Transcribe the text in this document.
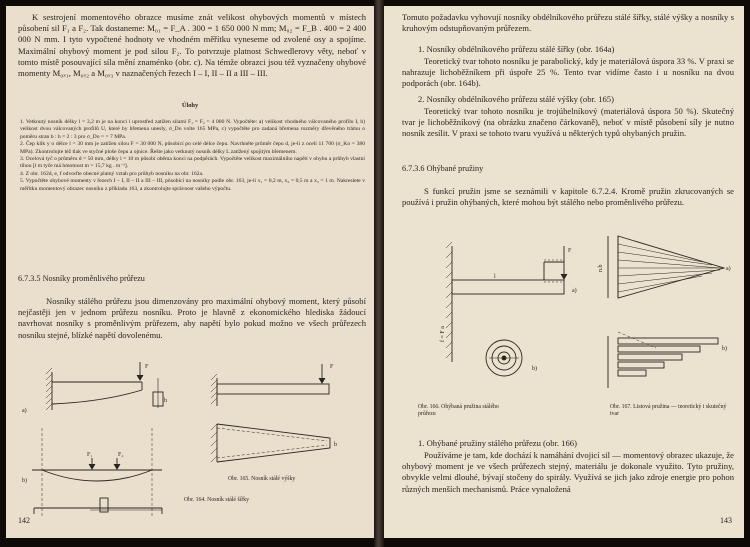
K sestrojení momentového obrazce musíme znát velikost ohybových momentů v místech působení sil F₁ a F₂. Tak dostaneme: M₀₁ = F_A . 300 = 1 650 000 N mm; M₀₂ = F_B . 400 = 2 400 000 N mm. I tyto vypočtené hodnoty ve vhodném měřítku vyneseme od zvolené osy a spojíme. Maximální ohybový moment je pod silou F₂. To potvrzuje platnost Schwedlerovy věty, neboť v tomto místě posouvající síla mění znaménko (obr. c). Na témže obrazci jsou též vyznačeny ohybové momenty M₀ₓ₁, M₀ₓ₂ a M₀ₓ₃ v naznačených řezech I – I, II – II a III – III.
Úlohy
1. Vetknutý nosník délky l = 3,2 m je na konci i uprostřed zatížen silami F₁ = F₂ = 4 000 N. Vypočtěte: a) velikost vhodného válcovaného profilu I, b) velikost dvou válcovaných profilů U, které by břemena unesly, σ_Do volte 165 MPa, c) vypočtěte pro zadaná břemena rozměry dřevěného trámu o poměru stran b : h = 2 : 3 pro σ_Do = = 7 MPa.
2. Čep klik y o délce l = 30 mm je zatížen silou F = 30 000 N, působící po celé délce čepu. Navrhněte průměr čepu d, je-li z oceli 11 700 (σ_Ko = 380 MPa). Zkontrolujte též tlak ve styčné ploše čepu a ojnice. Řešte jako vetknutý nosník délky L zatížený spojitým břemenem.
3. Ocelová tyč o průměru d = 50 mm, délky l = 10 m působí oběma konci na podpěrách. Vypočtěte velikost maximálního napětí v ohybu a průhyb vlastní tíhou [l m tyče má hmotnost m = 15,7 kg . m⁻¹].
4. Z obr. 162d, e, f odvoďte obecné platný vztah pro průhyb nosníku na obr. 162a.
5. Vypočtěte ohybové momenty v řezech I – I, II – II a III – III, působící na nosníky podle obr. 163, je-li x₁ = 0,2 m, x₂ = 0,5 m a x₃ = 1 m. Nakreslete v měřítku momentový obrazec nosníku z příkladu 163, a zkontrolujte správnost vašeho výpočtu.
6.7.3.5 Nosníky proměnlivého průřezu
Nosníky stálého průřezu jsou dimenzovány pro maximální ohybový moment, který působí nejčastěji jen v jednom průřezu nosníku. Proto je hlavně z ekonomického hlediska žádoucí navrhovat nosníky s proměnlivým průřezem, aby napětí bylo pokud možno ve všech průřezech nosníku stejné, blízké napětí dovolenému.
a)
b)
F
h
F₁	F₂
F
b
Obr. 165. Nosník stálé výšky
Obr. 164. Nosník stálé šířky
142
Tomuto požadavku vyhovují nosníky obdélníkového průřezu stálé šířky, stálé výšky a nosníky s kruhovým odstupňovaným průřezem.
1. Nosníky obdélníkového průřezu stálé šířky (obr. 164a)
Teoretický tvar tohoto nosníku je parabolický, kdy je materiálová úspora 33 %. V praxi se nahrazuje lichoběžníkem při úspoře 25 %. Tento tvar vidíme často i u nosníku na dvou podporách (obr. 164b).
2. Nosníky obdélníkového průřezu stálé výšky (obr. 165)
Teoretický tvar tohoto nosníku je trojúhelníkový (materiálová úspora 50 %). Skutečný tvar je lichoběžníkový (na obrázku značeno čárkovaně), neboť v místě působení síly je nutno nosník zesílit. V praxi se tohoto tvaru využívá u některých typů ohybaných pružin.
6.7.3.6 Ohýbané pružiny
S funkcí pružin jsme se seznámili v kapitole 6.7.2.4. Kromě pružin zkrucovaných se používá i pružin ohýbaných, které mohou být stálého nebo proměnlivého průřezu.
F
l
a)
b)
a)
b)
f = F a
n.b
Obr. 166. Ohýbaná pružina stálého průřezu
Obr. 167. Listová pružina — teoretický i skutečný tvar
1. Ohýbané pružiny stálého průřezu (obr. 166)
Používáme je tam, kde dochází k namáhání dvojicí sil — momentový obrazec ukazuje, že ohybový moment je ve všech průřezech stejný, materiálu je dokonale využito. Tyto pružiny, obvykle velmi dlouhé, bývají stočeny do spirály. Využívá se jich jako zdroje energie pro pohon různých menších mechanismů. Práce vynaložená
143
